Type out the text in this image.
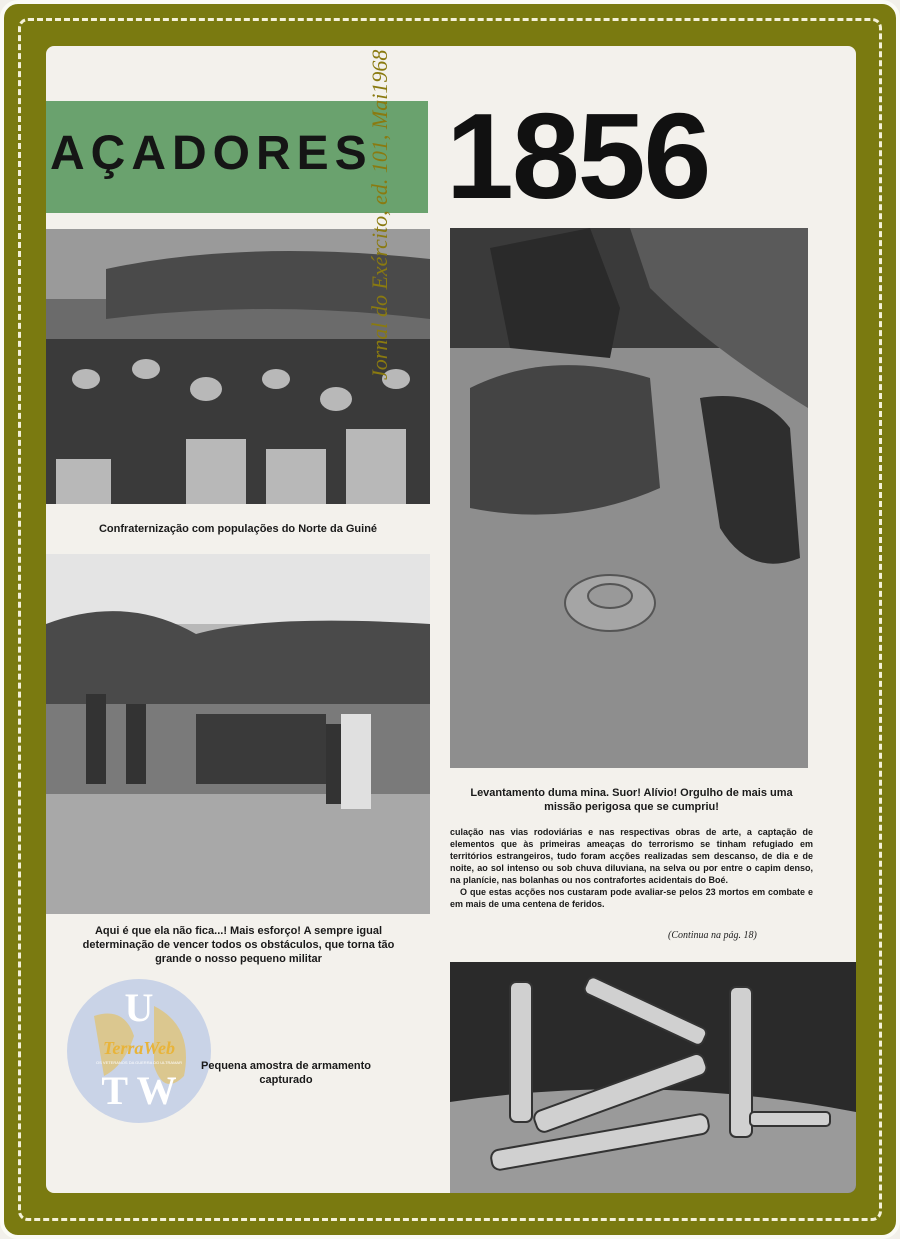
AÇADORES 1856
Confraternização com populações do Norte da Guiné
Aqui é que ela não fica...! Mais esforço! A sempre igual determinação de vencer todos os obstáculos, que torna tão grande o nosso pequeno militar
U
TerraWeb
OS VETERANOS DA GUERRA DO ULTRAMAR
T W
Pequena amostra de armamento capturado
Levantamento duma mina. Suor! Alívio! Orgulho de mais uma missão perigosa que se cumpriu!
culação nas vias rodoviárias e nas respectivas obras de arte, a captação de elementos que às primeiras ameaças do terrorismo se tinham refugiado em territórios estrangeiros, tudo foram acções realizadas sem descanso, de dia e de noite, ao sol intenso ou sob chuva diluviana, na selva ou por entre o capim denso, na planície, nas bolanhas ou nos contrafortes acidentais do Boé.
O que estas acções nos custaram pode avaliar-se pelos 23 mortos em combate e em mais de uma centena de feridos.
(Continua na pág. 18)
Jornal do Exército, ed. 101, Mai1968
